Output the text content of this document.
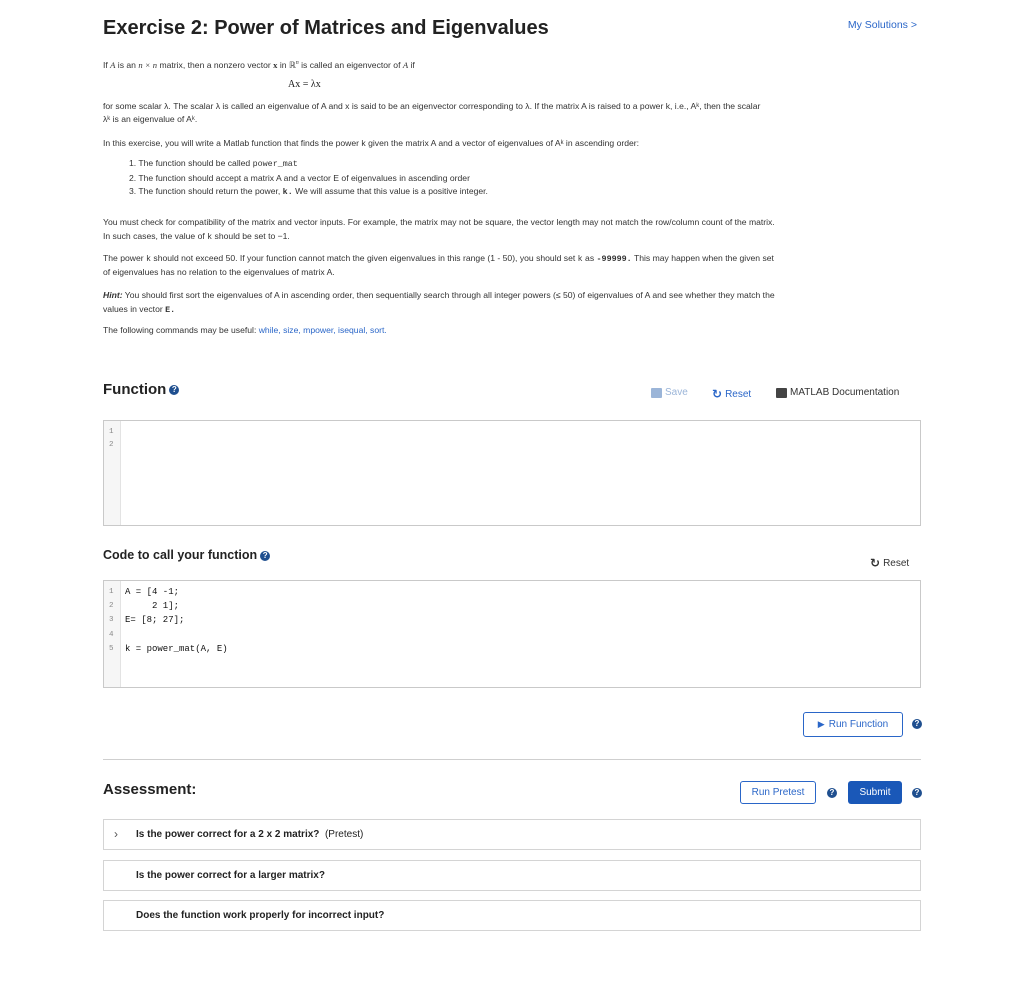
Exercise 2: Power of Matrices and Eigenvalues	My Solutions >
If A is an n × n matrix, then a nonzero vector x in ℝ$^n$ is called an eigenvector of A if
Ax = λx
for some scalar λ. The scalar λ is called an eigenvalue of A and x is said to be an eigenvector corresponding to λ. If the matrix A is raised to a power k, i.e., Aᵏ, then the scalar
λᵏ is an eigenvalue of Aᵏ.
In this exercise, you will write a Matlab function that finds the power k given the matrix A and a vector of eigenvalues of Aᵏ in ascending order:
1. The function should be called power_mat
2. The function should accept a matrix A and a vector E of eigenvalues in ascending order
3. The function should return the power, k. We will assume that this value is a positive integer.
You must check for compatibility of the matrix and vector inputs. For example, the matrix may not be square, the vector length may not match the row/column count of the matrix.
In such cases, the value of k should be set to −1.
The power k should not exceed 50. If your function cannot match the given eigenvalues in this range (1 - 50), you should set k as -99999. This may happen when the given set
of eigenvalues has no relation to the eigenvalues of matrix A.
Hint: You should first sort the eigenvalues of A in ascending order, then sequentially search through all integer powers (≤ 50) of eigenvalues of A and see whether they match the
values in vector E.
The following commands may be useful: while, size, mpower, isequal, sort.
Function ?	Save ↻ Reset	MATLAB Documentation
1
2
Code to call your function ?
↻ Reset
1 A = [4 -1;
2 2 1];
3 E= [8; 27];
4
5 k = power_mat(A, E)
▶ Run Function	?
Assessment:	Run Pretest	?	Submit	?
› Is the power correct for a 2 x 2 matrix? (Pretest)
Is the power correct for a larger matrix?
Does the function work properly for incorrect input?
